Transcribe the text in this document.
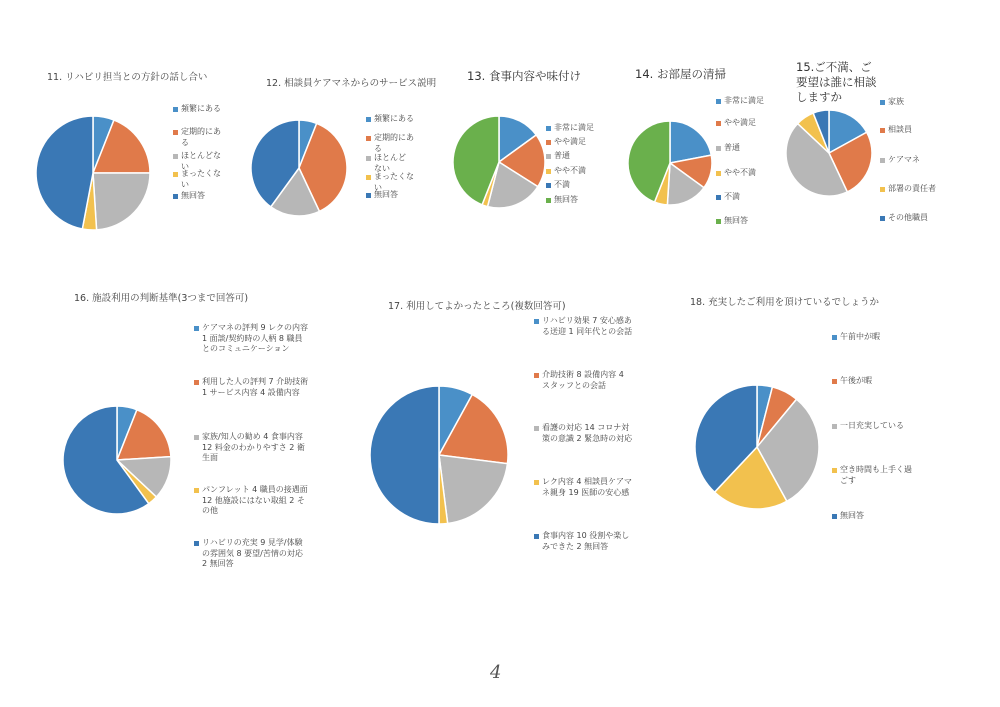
11. リハビリ担当との方針の話し合い
頻繁にある
定期的にある
ほとんどない
まったくない
無回答
12. 相談員ケアマネからのサービス説明
頻繁にある
定期的にある
ほとんどない
まったくない
無回答
13. 食事内容や味付け
非常に満足
やや満足
普通
やや不満
不満
無回答
14. お部屋の清掃
非常に満足
やや満足
普通
やや不満
不満
無回答
15.ご不満、ご要望は誰に相談しますか	家族
相談員
ケアマネ
部署の責任者
その他職員
16. 施設利用の判断基準(3つまで回答可)
ケアマネの評判 9 レクの内容 1 面談/契約時の人柄 8 職員とのコミュニケーション
利用した人の評判 7 介助技術 1 サービス内容 4 設備内容
家族/知人の勧め 4 食事内容 12 料金のわかりやすさ 2 衛生面
パンフレット 4 職員の接遇面 12 他施設にはない取組 2 その他
リハビリの充実 9 見学/体験の雰囲気 8 要望/苦情の対応 2 無回答
17. 利用してよかったところ(複数回答可)
リハビリ効果 7 安心感ある送迎 1 同年代との会話
介助技術 8 設備内容 4 スタッフとの会話
看護の対応 14 コロナ対策の意識 2 緊急時の対応
レク内容 4 相談員ケアマネ親身 19 医師の安心感
食事内容 10 役割や楽しみできた 2 無回答
18. 充実したご利用を頂けているでしょうか
午前中が暇
午後が暇
一日充実している
空き時間も上手く過ごす
無回答
4
